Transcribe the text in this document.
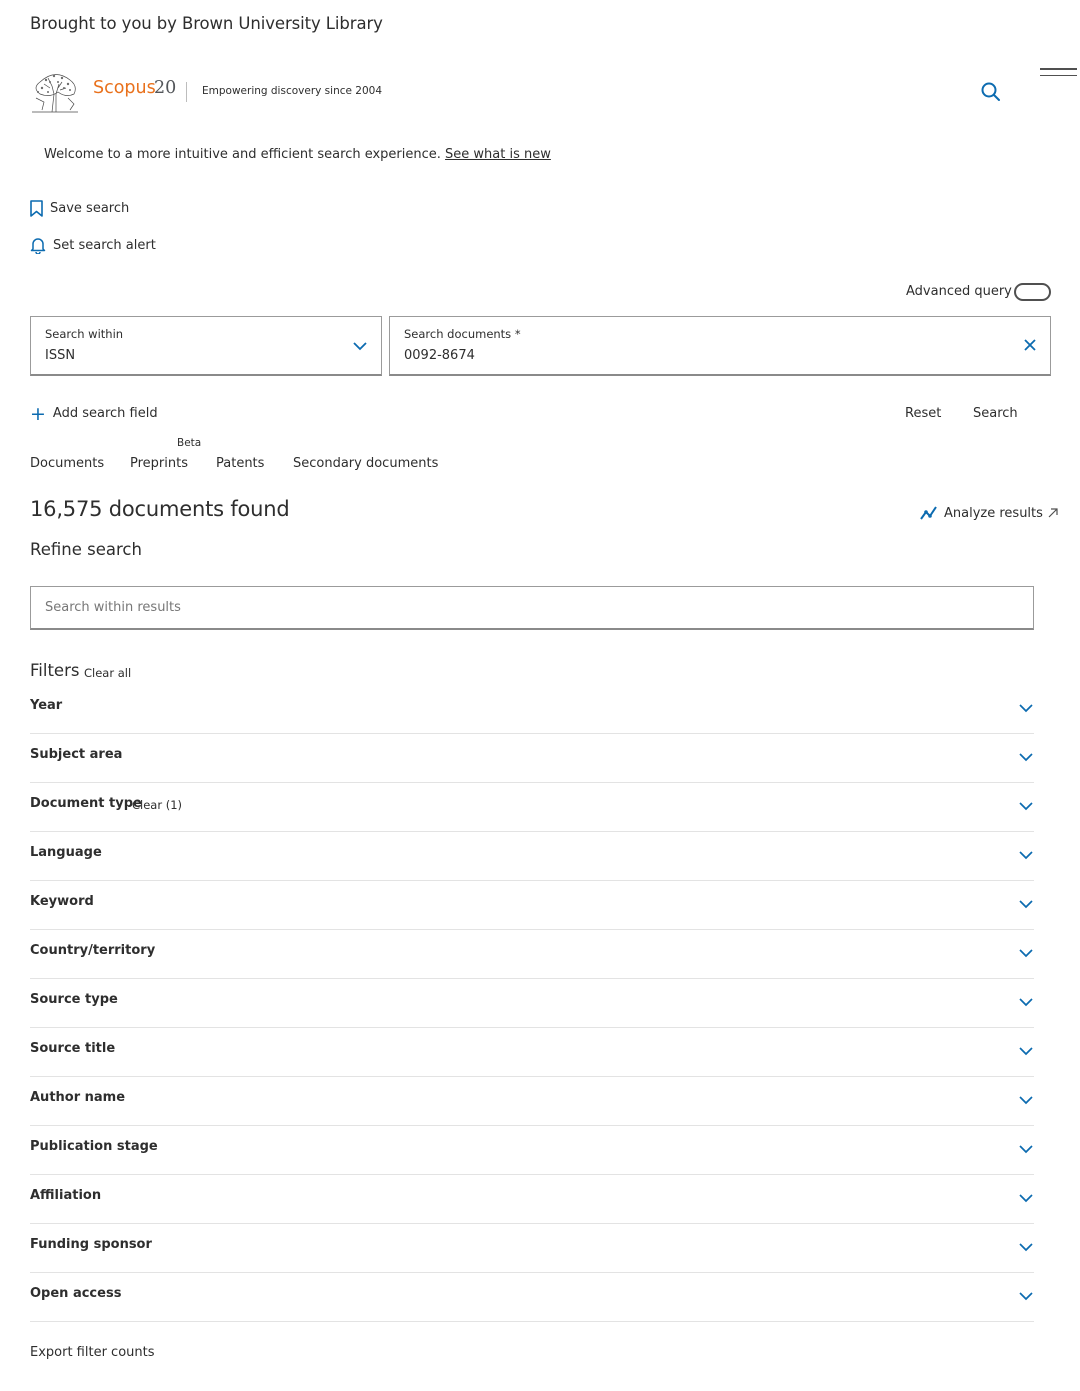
Brought to you by Brown University Library
Scopus
20 Empowering discovery since 2004
Welcome to a more intuitive and efficient search experience. See what is new
Save search
Set search alert
Advanced query
Search within
ISSN
Search documents *
0092-8674
+ Add search field	Reset Search
Beta
Documents Preprints Patents Secondary documents
16,575 documents found	Analyze results
Refine search
Search within results
Filters Clear all
Year
Subject area
Document type
Clear (1)
Language
Keyword
Country/territory
Source type
Source title
Author name
Publication stage
Affiliation
Funding sponsor
Open access
Export filter counts
